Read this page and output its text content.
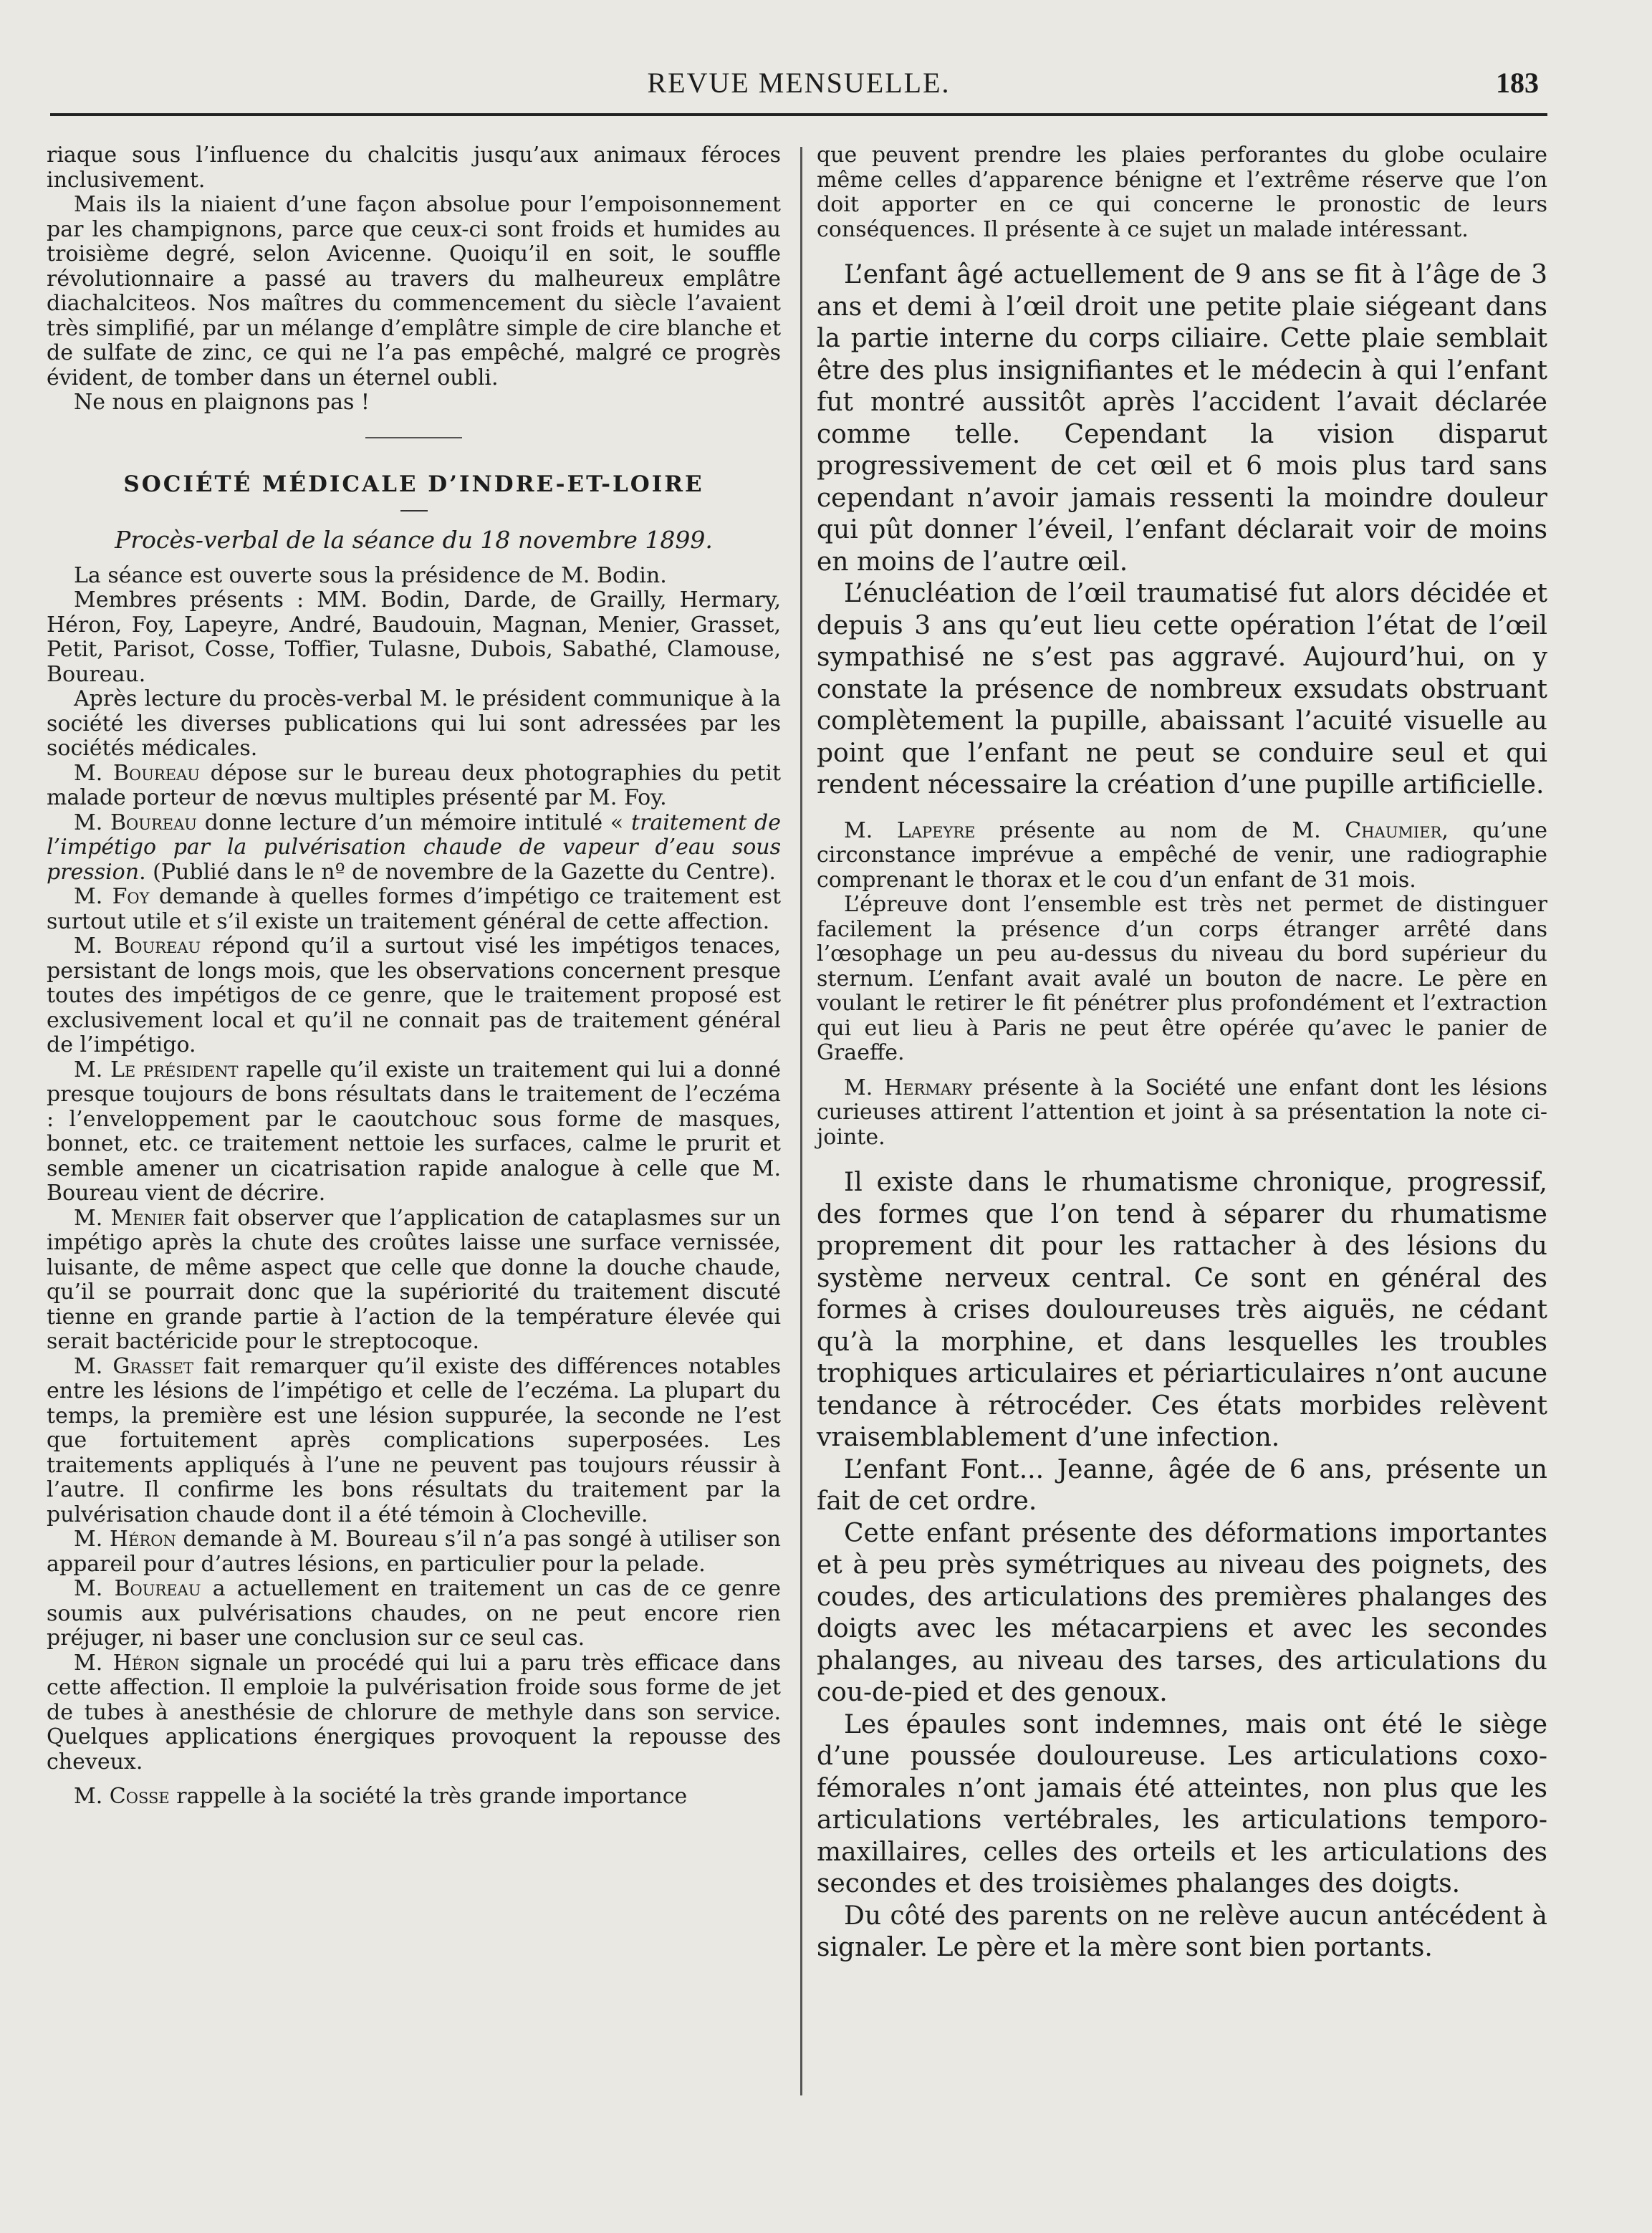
REVUE MENSUELLE.	183

riaque sous l’influence du chalcitis jusqu’aux animaux féroces inclusivement.

Mais ils la niaient d’une façon absolue pour l’empoisonnement par les champignons, parce que ceux-ci sont froids et humides au troisième degré, selon Avicenne. Quoiqu’il en soit, le souffle révolutionnaire a passé au travers du malheureux emplâtre diachalciteos. Nos maîtres du commencement du siècle l’avaient très simplifié, par un mélange d’emplâtre simple de cire blanche et de sulfate de zinc, ce qui ne l’a pas empêché, malgré ce progrès évident, de tomber dans un éternel oubli.

Ne nous en plaignons pas !

SOCIÉTÉ MÉDICALE D’INDRE-ET-LOIRE

Procès-verbal de la séance du 18 novembre 1899.

La séance est ouverte sous la présidence de M. Bodin.

Membres présents : MM. Bodin, Darde, de Grailly, Hermary, Héron, Foy, Lapeyre, André, Baudouin, Magnan, Menier, Grasset, Petit, Parisot, Cosse, Toffier, Tulasne, Dubois, Sabathé, Clamouse, Boureau.

Après lecture du procès-verbal M. le président communique à la société les diverses publications qui lui sont adressées par les sociétés médicales.

M. Boureau dépose sur le bureau deux photographies du petit malade porteur de nœvus multiples présenté par M. Foy.

M. Boureau donne lecture d’un mémoire intitulé « traitement de l’impétigo par la pulvérisation chaude de vapeur d’eau sous pression. (Publié dans le nº de novembre de la Gazette du Centre).

M. Foy demande à quelles formes d’impétigo ce traitement est surtout utile et s’il existe un traitement général de cette affection.

M. Boureau répond qu’il a surtout visé les impétigos tenaces, persistant de longs mois, que les observations concernent presque toutes des impétigos de ce genre, que le traitement proposé est exclusivement local et qu’il ne connait pas de traitement général de l’impétigo.

M. Le président rapelle qu’il existe un traitement qui lui a donné presque toujours de bons résultats dans le traitement de l’eczéma : l’enveloppement par le caoutchouc sous forme de masques, bonnet, etc. ce traitement nettoie les surfaces, calme le prurit et semble amener un cicatrisation rapide analogue à celle que M. Boureau vient de décrire.

M. Menier fait observer que l’application de cataplasmes sur un impétigo après la chute des croûtes laisse une surface vernissée, luisante, de même aspect que celle que donne la douche chaude, qu’il se pourrait donc que la supériorité du traitement discuté tienne en grande partie à l’action de la température élevée qui serait bactéricide pour le streptocoque.

M. Grasset fait remarquer qu’il existe des différences notables entre les lésions de l’impétigo et celle de l’eczéma. La plupart du temps, la première est une lésion suppurée, la seconde ne l’est que fortuitement après complications superposées. Les traitements appliqués à l’une ne peuvent pas toujours réussir à l’autre. Il confirme les bons résultats du traitement par la pulvérisation chaude dont il a été témoin à Clocheville.

M. Héron demande à M. Boureau s’il n’a pas songé à utiliser son appareil pour d’autres lésions, en particulier pour la pelade.

M. Boureau a actuellement en traitement un cas de ce genre soumis aux pulvérisations chaudes, on ne peut encore rien préjuger, ni baser une conclusion sur ce seul cas.

M. Héron signale un procédé qui lui a paru très efficace dans cette affection. Il emploie la pulvérisation froide sous forme de jet de tubes à anesthésie de chlorure de methyle dans son service. Quelques applications énergiques provoquent la repousse des cheveux.

M. Cosse rappelle à la société la très grande importance

que peuvent prendre les plaies perforantes du globe oculaire même celles d’apparence bénigne et l’extrême réserve que l’on doit apporter en ce qui concerne le pronostic de leurs conséquences. Il présente à ce sujet un malade intéressant.

L’enfant âgé actuellement de 9 ans se fit à l’âge de 3 ans et demi à l’œil droit une petite plaie siégeant dans la partie interne du corps ciliaire. Cette plaie semblait être des plus insignifiantes et le médecin à qui l’enfant fut montré aussitôt après l’accident l’avait déclarée comme telle. Cependant la vision disparut progressivement de cet œil et 6 mois plus tard sans cependant n’avoir jamais ressenti la moindre douleur qui pût donner l’éveil, l’enfant déclarait voir de moins en moins de l’autre œil.

L’énucléation de l’œil traumatisé fut alors décidée et depuis 3 ans qu’eut lieu cette opération l’état de l’œil sympathisé ne s’est pas aggravé. Aujourd’hui, on y constate la présence de nombreux exsudats obstruant complètement la pupille, abaissant l’acuité visuelle au point que l’enfant ne peut se conduire seul et qui rendent nécessaire la création d’une pupille artificielle.

M. Lapeyre présente au nom de M. Chaumier, qu’une circonstance imprévue a empêché de venir, une radiographie comprenant le thorax et le cou d’un enfant de 31 mois.

L’épreuve dont l’ensemble est très net permet de distinguer facilement la présence d’un corps étranger arrêté dans l’œsophage un peu au-dessus du niveau du bord supérieur du sternum. L’enfant avait avalé un bouton de nacre. Le père en voulant le retirer le fit pénétrer plus profondément et l’extraction qui eut lieu à Paris ne peut être opérée qu’avec le panier de Graeffe.

M. Hermary présente à la Société une enfant dont les lésions curieuses attirent l’attention et joint à sa présentation la note ci-jointe.

Il existe dans le rhumatisme chronique, progressif, des formes que l’on tend à séparer du rhumatisme proprement dit pour les rattacher à des lésions du système nerveux central. Ce sont en général des formes à crises douloureuses très aiguës, ne cédant qu’à la morphine, et dans lesquelles les troubles trophiques articulaires et périarticulaires n’ont aucune tendance à rétrocéder. Ces états morbides relèvent vraisemblablement d’une infection.

L’enfant Font... Jeanne, âgée de 6 ans, présente un fait de cet ordre.

Cette enfant présente des déformations importantes et à peu près symétriques au niveau des poignets, des coudes, des articulations des premières phalanges des doigts avec les métacarpiens et avec les secondes phalanges, au niveau des tarses, des articulations du cou-de-pied et des genoux.

Les épaules sont indemnes, mais ont été le siège d’une poussée douloureuse. Les articulations coxo-fémorales n’ont jamais été atteintes, non plus que les articulations vertébrales, les articulations temporo-maxillaires, celles des orteils et les articulations des secondes et des troisièmes phalanges des doigts.

Du côté des parents on ne relève aucun antécédent à signaler. Le père et la mère sont bien portants.
